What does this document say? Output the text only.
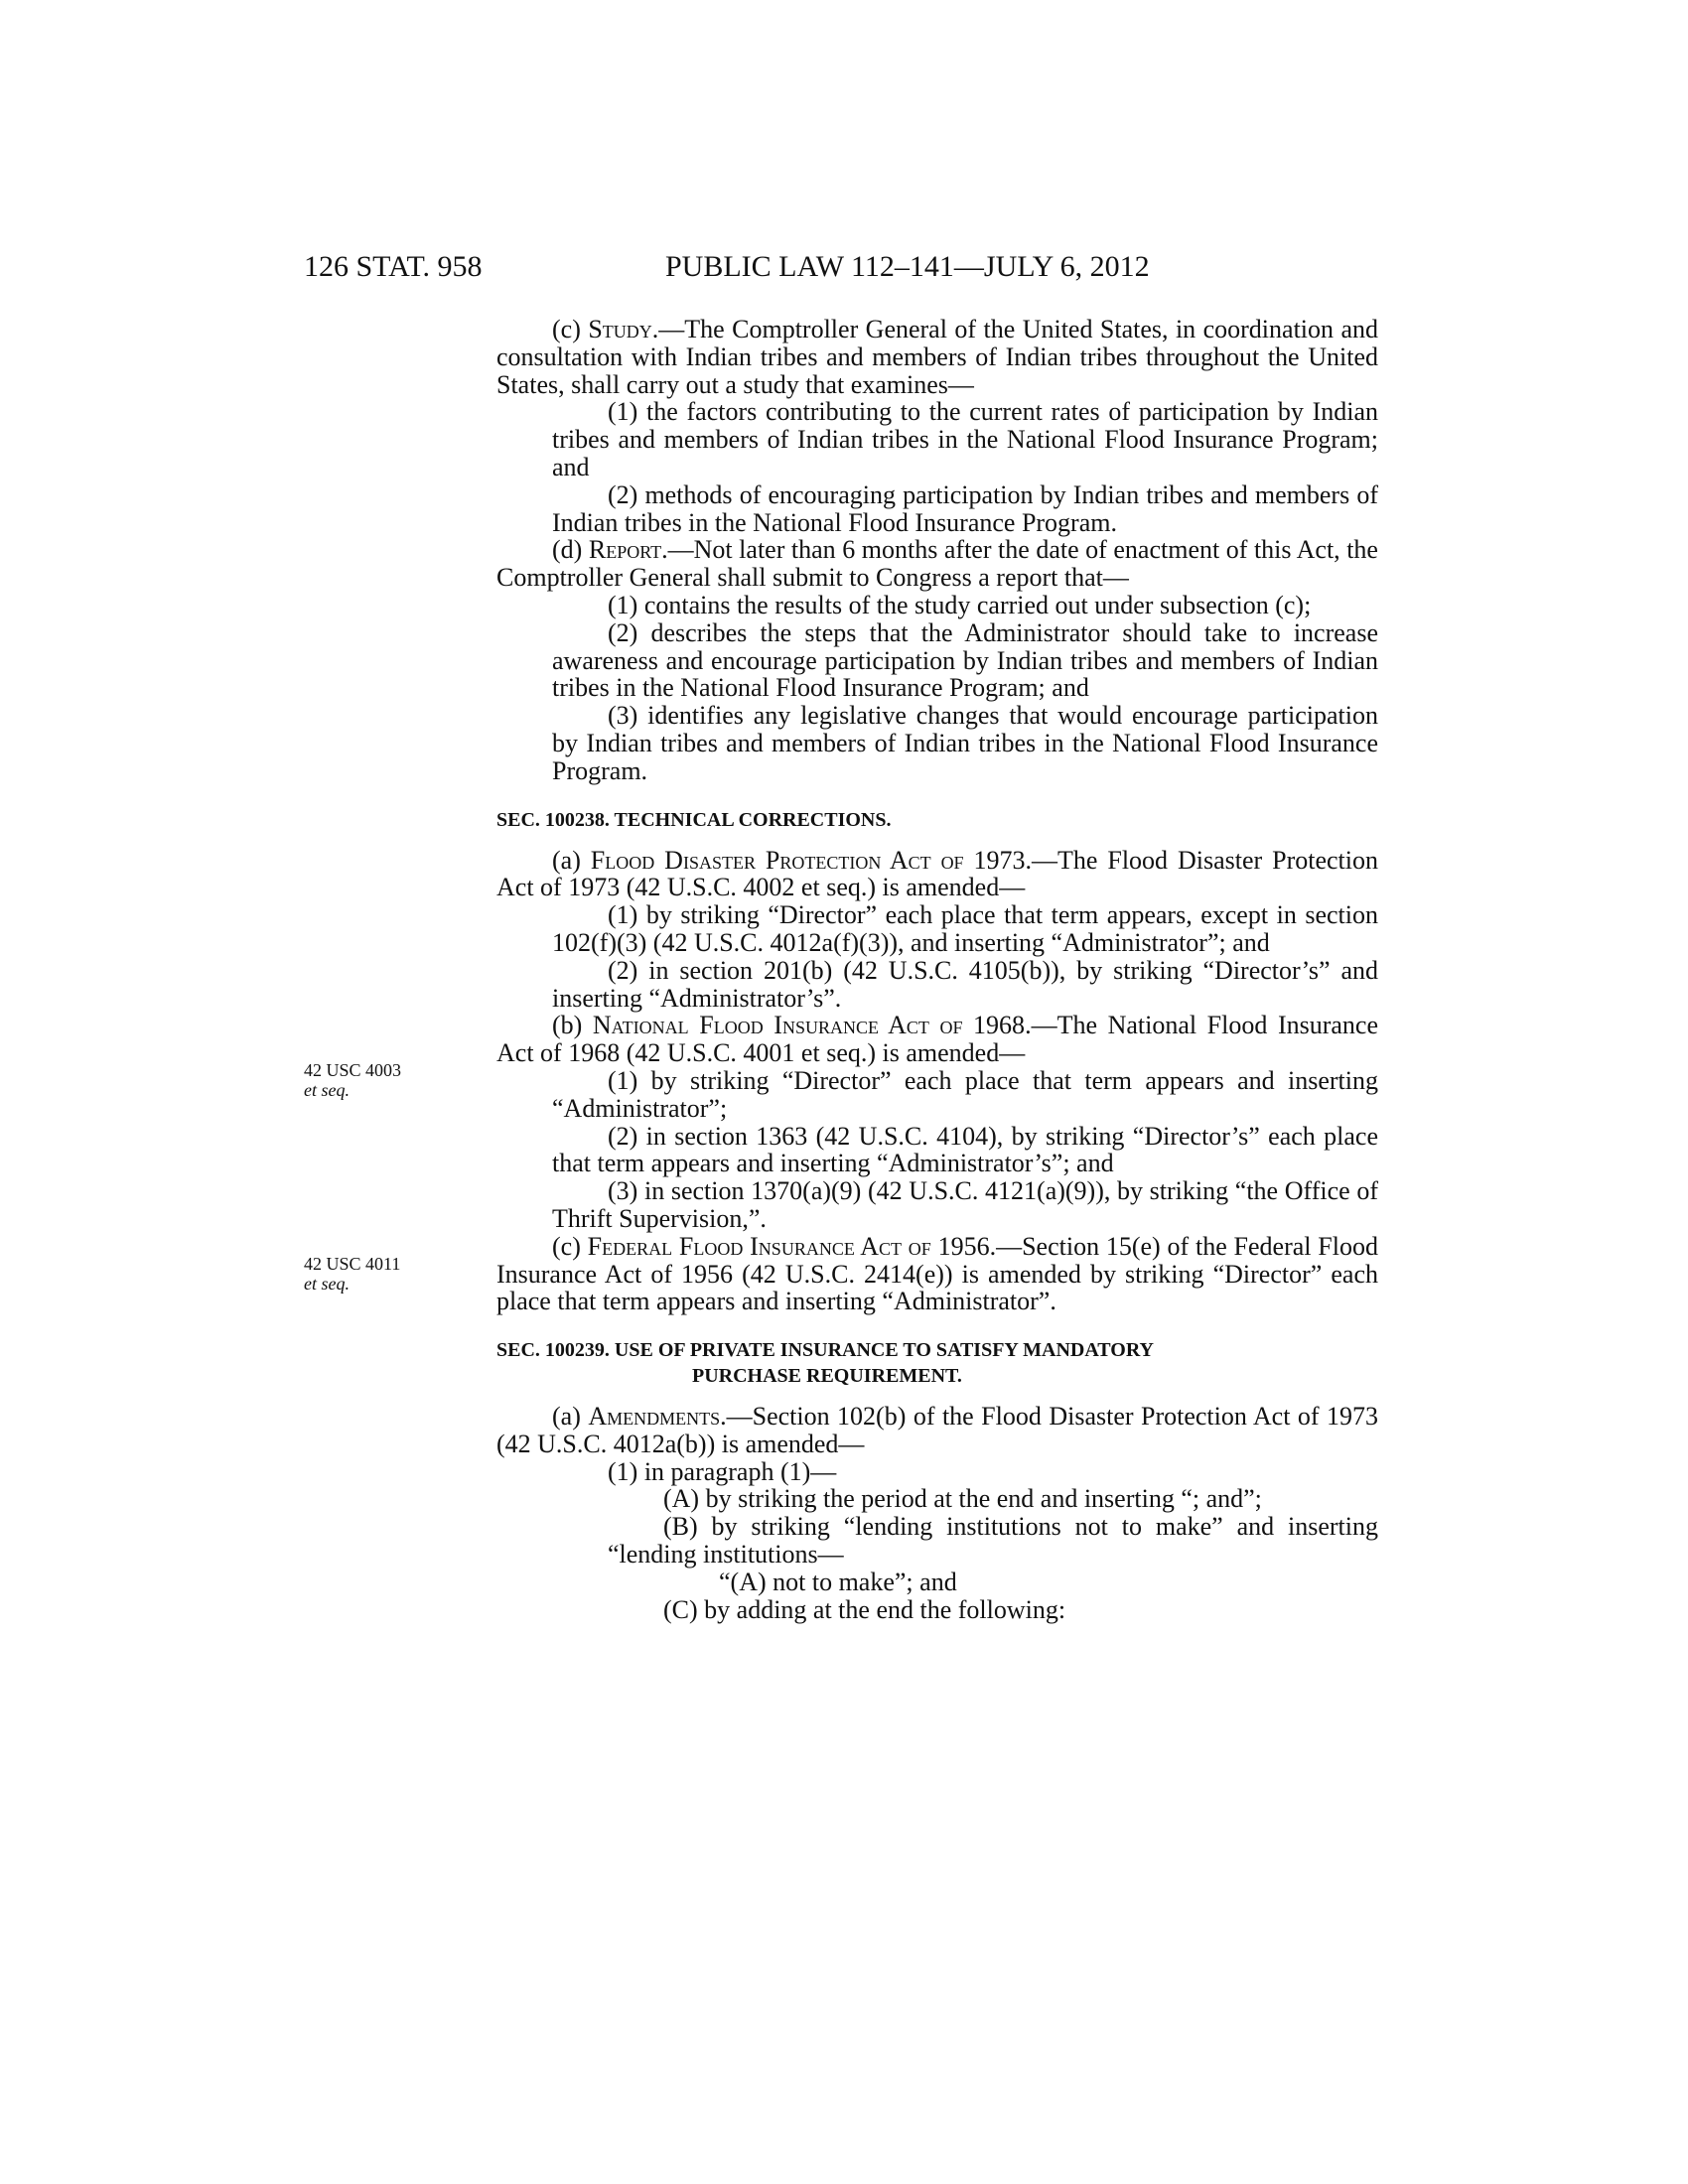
126 STAT. 958	PUBLIC LAW 112–141—JULY 6, 2012
42 USC 4003
et seq.
42 USC 4011
et seq.

(c) Study.—The Comptroller General of the United States, in coordination and consultation with Indian tribes and members of Indian tribes throughout the United States, shall carry out a study that examines—

(1) the factors contributing to the current rates of participation by Indian tribes and members of Indian tribes in the National Flood Insurance Program; and

(2) methods of encouraging participation by Indian tribes and members of Indian tribes in the National Flood Insurance Program.

(d) Report.—Not later than 6 months after the date of enactment of this Act, the Comptroller General shall submit to Congress a report that—

(1) contains the results of the study carried out under subsection (c);

(2) describes the steps that the Administrator should take to increase awareness and encourage participation by Indian tribes and members of Indian tribes in the National Flood Insurance Program; and

(3) identifies any legislative changes that would encourage participation by Indian tribes and members of Indian tribes in the National Flood Insurance Program.

SEC. 100238. TECHNICAL CORRECTIONS.

(a) Flood Disaster Protection Act of 1973.—The Flood Disaster Protection Act of 1973 (42 U.S.C. 4002 et seq.) is amended—

(1) by striking “Director” each place that term appears, except in section 102(f)(3) (42 U.S.C. 4012a(f)(3)), and inserting “Administrator”; and

(2) in section 201(b) (42 U.S.C. 4105(b)), by striking “Director’s” and inserting “Administrator’s”.

(b) National Flood Insurance Act of 1968.—The National Flood Insurance Act of 1968 (42 U.S.C. 4001 et seq.) is amended—

(1) by striking “Director” each place that term appears and inserting “Administrator”;

(2) in section 1363 (42 U.S.C. 4104), by striking “Director’s” each place that term appears and inserting “Administrator’s”; and

(3) in section 1370(a)(9) (42 U.S.C. 4121(a)(9)), by striking “the Office of Thrift Supervision,”.

(c) Federal Flood Insurance Act of 1956.—Section 15(e) of the Federal Flood Insurance Act of 1956 (42 U.S.C. 2414(e)) is amended by striking “Director” each place that term appears and inserting “Administrator”.

SEC. 100239. USE OF PRIVATE INSURANCE TO SATISFY MANDATORY
PURCHASE REQUIREMENT.

(a) Amendments.—Section 102(b) of the Flood Disaster Protection Act of 1973 (42 U.S.C. 4012a(b)) is amended—

(1) in paragraph (1)—

(A) by striking the period at the end and inserting “; and”;

(B) by striking “lending institutions not to make” and inserting “lending institutions—

“(A) not to make”; and

(C) by adding at the end the following:
